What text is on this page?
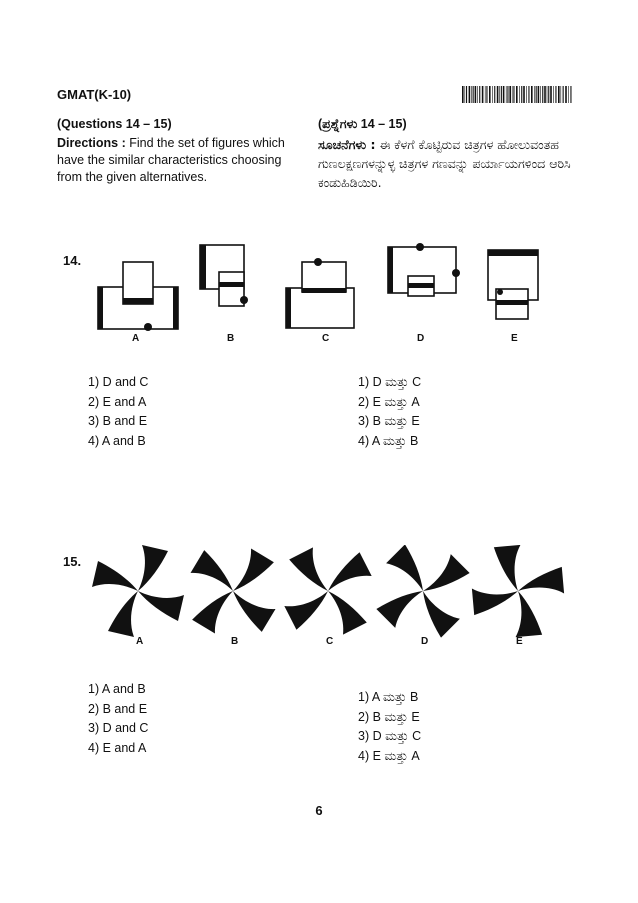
GMAT(K-10)
(Questions 14 – 15)
Directions : Find the set of figures which have the similar characteristics choosing from the given alternatives.
(ಪ್ರಶ್ನೆಗಳು 14 – 15)
ಸೂಚನೆಗಳು : ಈ ಕೆಳಗೆ ಕೊಟ್ಟಿರುವ ಚಿತ್ರಗಳ ಹೋಲುವಂತಹ ಗುಣಲಕ್ಷಣಗಳನ್ನುಳ್ಳ ಚಿತ್ರಗಳ ಗಣವನ್ನು ಪರ್ಯಾಯಗಳಿಂದ ಆರಿಸಿ ಕಂಡುಹಿಡಿಯಿರಿ.
14.
A	B	C	D	E
1) D and C
2) E and A
3) B and E
4) A and B
1) D ಮತ್ತು C
2) E ಮತ್ತು A
3) B ಮತ್ತು E
4) A ಮತ್ತು B
15.
A	B	C	D	E
1) A and B
2) B and E
3) D and C
4) E and A
1) A ಮತ್ತು B
2) B ಮತ್ತು E
3) D ಮತ್ತು C
4) E ಮತ್ತು A
6
